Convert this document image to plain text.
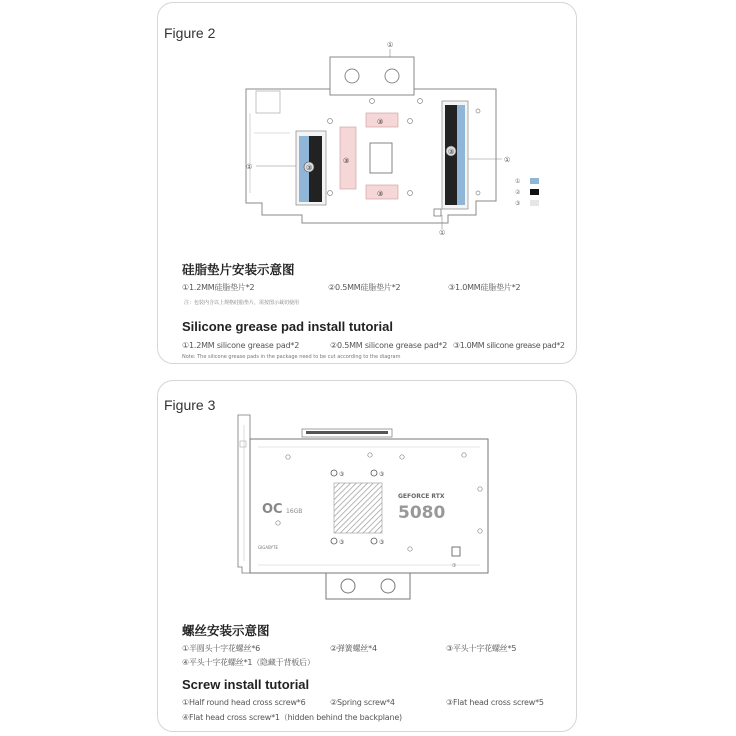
Figure 2
①
③
①
③
③
③
③
①
①
①
②
③
硅脂垫片安装示意图
①1.2MM硅脂垫片*2	②0.5MM硅脂垫片*2	③1.0MM硅脂垫片*2
注：包装内含以上规格硅脂垫片，需按图示裁切使用
Silicone grease pad install tutorial
①1.2MM silicone grease pad*2	②0.5MM silicone grease pad*2 ③1.0MM silicone grease pad*2
Note: The silicone grease pads in the package need to be cut according to the diagram
Figure 3
OC 16GB
GEFORCE RTX
5080
GIGABYTE
③	③
③	③
①
螺丝安装示意图
①半圆头十字花螺丝*6	②弹簧螺丝*4	③平头十字花螺丝*5
④平头十字花螺丝*1（隐藏于背板后）
Screw install tutorial
①Half round head cross screw*6	②Spring screw*4	③Flat head cross screw*5
④Flat head cross screw*1（hidden behind the backplane)
